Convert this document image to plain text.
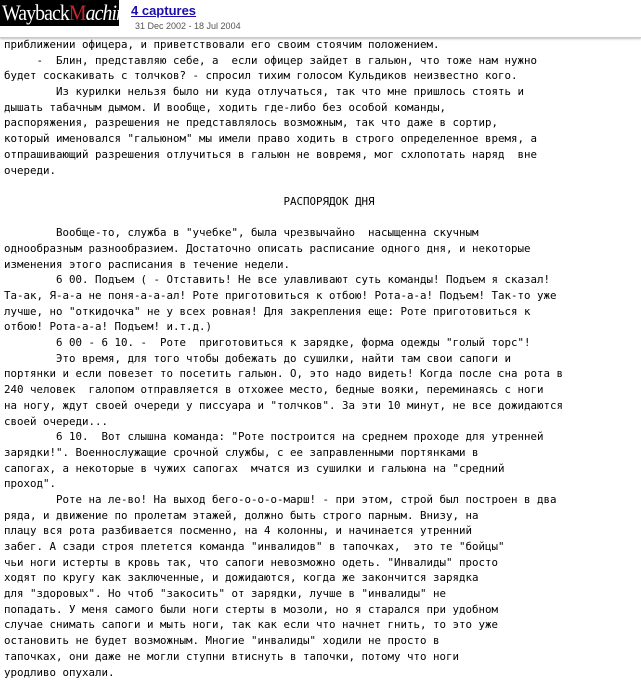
WaybackMachine
4 captures
31 Dec 2002 - 18 Jul 2004
приближении офицера, и приветствовали его своим стоячим положением.
-  Блин, представляю себе, а  если офицер зайдет в гальюн, что тоже нам нужно
будет соскакивать с толчков? - спросил тихим голосом Кульдиков неизвестно кого.
Из курилки нельзя было ни куда отлучаться, так что мне пришлось стоять и
дышать табачным дымом. И вообще, ходить где-либо без особой команды,
распоряжения, разрешения не представлялось возможным, так что даже в сортир,
который именовался "гальюном" мы имели право ходить в строго определенное время, а
отпрашивающий разрешения отлучиться в гальюн не вовремя, мог схлопотать наряд  вне
очереди.
РАСПОРЯДОК ДНЯ
Вообще-то, служба в "учебке", была чрезвычайно  насыщенна скучным
однообразным разнообразием. Достаточно описать расписание одного дня, и некоторые
изменения этого расписания в течение недели.
6 00. Подъем ( - Отставить! Не все улавливают суть команды! Подъем я сказал!
Та-ак, Я-а-а не поня-а-а-ал! Роте приготовиться к отбою! Рота-а-а! Подъем! Так-то уже
лучше, но "откидочка" не у всех ровная! Для закрепления еще: Роте приготовиться к
отбою! Рота-а-а! Подъем! и.т.д.)
6 00 - 6 10. -  Роте  приготовиться к зарядке, форма одежды "голый торс"!
Это время, для того чтобы добежать до сушилки, найти там свои сапоги и
портянки и если повезет то посетить гальюн. О, это надо видеть! Когда после сна рота в
240 человек  галопом отправляется в отхожее место, бедные вояки, переминаясь с ноги
на ногу, ждут своей очереди у писсуара и "толчков". За эти 10 минут, не все дожидаются
своей очереди...
6 10.  Вот слышна команда: "Роте построится на среднем проходе для утренней
зарядки!". Военнослужащие срочной службы, с ее заправленными портянками в
сапогах, а некоторые в чужих сапогах  мчатся из сушилки и гальюна на "средний
проход".
Роте на ле-во! На выход бего-о-о-о-марш! - при этом, строй был построен в два
ряда, и движение по пролетам этажей, должно быть строго парным. Внизу, на
плацу вся рота разбивается посменно, на 4 колонны, и начинается утренний
забег. А сзади строя плетется команда "инвалидов" в тапочках,  это те "бойцы"
чьи ноги истерты в кровь так, что сапоги невозможно одеть. "Инвалиды" просто
ходят по кругу как заключенные, и дожидаются, когда же закончится зарядка
для "здоровых". Но чтоб "закосить" от зарядки, лучше в "инвалиды" не
попадать. У меня самого были ноги стерты в мозоли, но я старался при удобном
случае снимать сапоги и мыть ноги, так как если что начнет гнить, то это уже
остановить не будет возможным. Многие "инвалиды" ходили не просто в
тапочках, они даже не могли ступни втиснуть в тапочки, потому что ноги
уродливо опухали.
